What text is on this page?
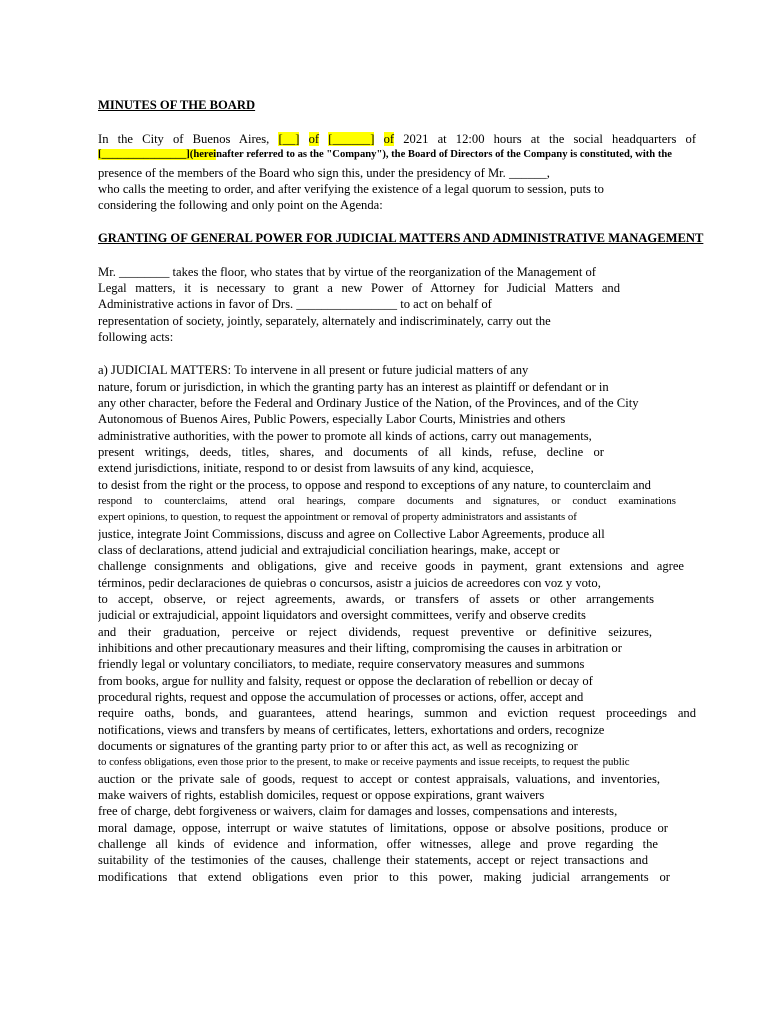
MINUTES OF THE BOARD
In the City of Buenos Aires, [__] of [______] of 2021 at 12:00 hours at the social headquarters of
[________________](hereinafter referred to as the "Company"), the Board of Directors of the Company is constituted, with the
presence of the members of the Board who sign this, under the presidency of Mr. ______,
who calls the meeting to order, and after verifying the existence of a legal quorum to session, puts to
considering the following and only point on the Agenda:
GRANTING OF GENERAL POWER FOR JUDICIAL MATTERS AND ADMINISTRATIVE MANAGEMENT
Mr. ________ takes the floor, who states that by virtue of the reorganization of the Management of
Legal matters, it is necessary to grant a new Power of Attorney for Judicial Matters and
Administrative actions in favor of Drs. ________________ to act on behalf of
representation of society, jointly, separately, alternately and indiscriminately, carry out the
following acts:
a) JUDICIAL MATTERS: To intervene in all present or future judicial matters of any
nature, forum or jurisdiction, in which the granting party has an interest as plaintiff or defendant or in
any other character, before the Federal and Ordinary Justice of the Nation, of the Provinces, and of the City
Autonomous of Buenos Aires, Public Powers, especially Labor Courts, Ministries and others
administrative authorities, with the power to promote all kinds of actions, carry out managements,
present writings, deeds, titles, shares, and documents of all kinds, refuse, decline or
extend jurisdictions, initiate, respond to or desist from lawsuits of any kind, acquiesce,
to desist from the right or the process, to oppose and respond to exceptions of any nature, to counterclaim and
respond to counterclaims, attend oral hearings, compare documents and signatures, or conduct examinations
expert opinions, to question, to request the appointment or removal of property administrators and assistants of
justice, integrate Joint Commissions, discuss and agree on Collective Labor Agreements, produce all
class of declarations, attend judicial and extrajudicial conciliation hearings, make, accept or
challenge consignments and obligations, give and receive goods in payment, grant extensions and agree
términos, pedir declaraciones de quiebras o concursos, asistr a juicios de acreedores con voz y voto,
to accept, observe, or reject agreements, awards, or transfers of assets or other arrangements
judicial or extrajudicial, appoint liquidators and oversight committees, verify and observe credits
and their graduation, perceive or reject dividends, request preventive or definitive seizures,
inhibitions and other precautionary measures and their lifting, compromising the causes in arbitration or
friendly legal or voluntary conciliators, to mediate, require conservatory measures and summons
from books, argue for nullity and falsity, request or oppose the declaration of rebellion or decay of
procedural rights, request and oppose the accumulation of processes or actions, offer, accept and
require oaths, bonds, and guarantees, attend hearings, summon and eviction request proceedings and
notifications, views and transfers by means of certificates, letters, exhortations and orders, recognize
documents or signatures of the granting party prior to or after this act, as well as recognizing or
to confess obligations, even those prior to the present, to make or receive payments and issue receipts, to request the public
auction or the private sale of goods, request to accept or contest appraisals, valuations, and inventories,
make waivers of rights, establish domiciles, request or oppose expirations, grant waivers
free of charge, debt forgiveness or waivers, claim for damages and losses, compensations and interests,
moral damage, oppose, interrupt or waive statutes of limitations, oppose or absolve positions, produce or
challenge all kinds of evidence and information, offer witnesses, allege and prove regarding the
suitability of the testimonies of the causes, challenge their statements, accept or reject transactions and
modifications that extend obligations even prior to this power, making judicial arrangements or
